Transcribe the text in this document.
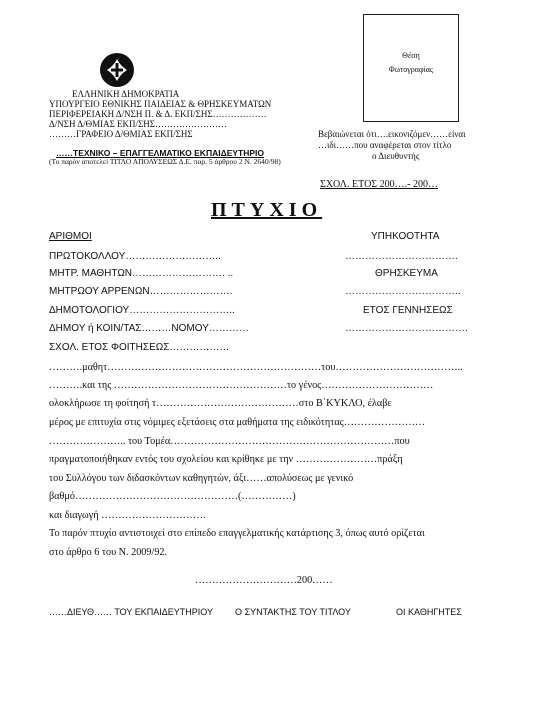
ΕΛΛΗΝΙΚΗ ΔΗΜΟΚΡΑΤΙΑ
ΥΠΟΥΡΓΕΙΟ ΕΘΝΙΚΗΣ ΠΑΙΔΕΙΑΣ & ΘΡΗΣΚΕΥΜΑΤΩΝ
ΠΕΡΙΦΕΡΕΙΑΚΗ Δ/ΝΣΗ Π. & Δ. ΕΚΠ/ΣΗΣ………………
Δ/ΝΣΗ Δ/ΘΜΙΑΣ ΕΚΠ/ΣΗΣ……………………
………ΓΡΑΦΕΙΟ Δ/ΘΜΙΑΣ ΕΚΠ/ΣΗΣ
……ΤΕΧΝΙΚΟ – ΕΠΑΓΓΕΛΜΑΤΙΚΟ ΕΚΠΑΙΔΕΥΤΗΡΙΟ
(Το παρόν αποτελεί ΤΙΤΛΟ ΑΠΟΛΥΣΕΩΣ Δ.Ε. παρ. 5 άρθρου 2 Ν. 2640/98)
Θέση
Φωτογραφίας
Βεβαιώνεται ότι….εικονιζόμεν……είναι
…ιδι……που αναφέρεται στον τίτλο
ο Διευθυντής
ΣΧΟΛ. ΕΤΟΣ 200….- 200…
ΠΤΥΧΙΟ
ΑΡΙΘΜΟΙ
ΠΡΩΤΟΚΟΛΛΟΥ………………………..
ΜΗΤΡ. ΜΑΘΗΤΩΝ………………………. ..
ΜΗΤΡΩΟΥ ΑΡΡΕΝΩΝ…………………….
ΔΗΜΟΤΟΛΟΓΙΟΥ…………………………..
ΔΗΜΟΥ ή ΚΟΙΝ/ΤΑΣ………ΝΟΜΟΥ…………
ΣΧΟΛ. ΕΤΟΣ ΦΟΙΤΗΣΕΩΣ………………
ΥΠΗΚΟΟΤΗΤΑ
…………………………….
ΘΡΗΣΚΕΥΜΑ
……………………………..
ΕΤΟΣ ΓΕΝΝΗΣΕΩΣ
……………………………….
……….μαθητ………………………………………………………του………………………………..
……….και της ……………………………………………το γένος……………………………
ολοκλήρωσε τη φοίτησή τ……………………………………στο Β΄ΚΥΚΛΟ, έλαβε
μέρος με επιτυχία στις νόμιμες εξετάσεις στα μαθήματα της ειδικότητας……………………
………………….. του Τομέα…………………………………………………………που
πραγματοποιήθηκαν εντός του σχολείου και κρίθηκε με την ……………………πράξη
του Συλλόγου των διδασκόντων καθηγητών, άξι……απολύσεως με γενικό
βαθμό…………………………………………(……………)
και διαγωγή ………………………….
Το παρόν πτυχίο αντιστοιχεί στο επίπεδο επαγγελματικής κατάρτισης 3, όπως αυτό ορίζεται
στο άρθρο 6 του Ν. 2009/92.
…………………………200……
……ΔΙΕΥΘ…… ΤΟΥ ΕΚΠΑΙΔΕΥΤΗΡΙΟΥ Ο ΣΥΝΤΑΚΤΗΣ ΤΟΥ ΤΙΤΛΟΥ	ΟΙ ΚΑΘΗΓΗΤΕΣ
